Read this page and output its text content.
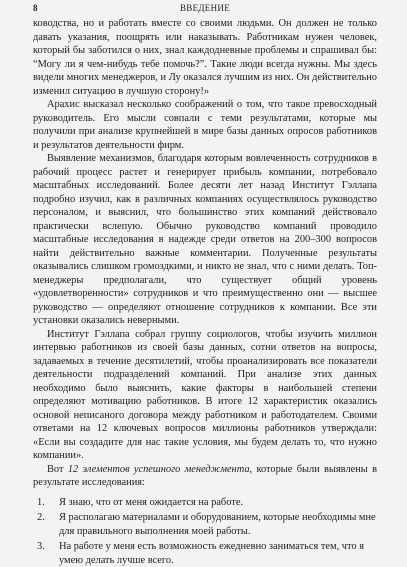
8	ВВЕДЕНИЕ

ководства, но и работать вместе со своими людьми. Он должен не только давать указания, поощрять или наказывать. Работникам нужен человек, который бы заботился о них, знал каждодневные проблемы и спрашивал бы: “Могу ли я чем-нибудь тебе помочь?”. Такие люди всегда нужны. Мы здесь видели многих менеджеров, и Лу оказался лучшим из них. Он действительно изменил ситуацию в лучшую сторону!»

Арахис высказал несколько соображений о том, что такое превосходный руководитель. Его мысли совпали с теми результатами, которые мы получили при анализе крупнейшей в мире базы данных опросов работников и результатов деятельности фирм.

Выявление механизмов, благодаря которым вовлеченность сотрудников в рабочий процесс растет и генерирует прибыль компании, потребовало масштабных исследований. Более десяти лет назад Институт Гэллапа подробно изучил, как в различных компаниях осуществлялось руководство персоналом, и выяснил, что большинство этих компаний действовало практически вслепую. Обычно руководство компаний проводило масштабные исследования в надежде среди ответов на 200–300 вопросов найти действительно важные комментарии. Полученные результаты оказывались слишком громоздкими, и никто не знал, что с ними делать. Топ-менеджеры предполагали, что существует общий уровень «удовлетворенности» сотрудников и что преимущественно они — высшее руководство — определяют отношение сотрудников к компании. Все эти установки оказались неверными.

Институт Гэллапа собрал группу социологов, чтобы изучить миллион интервью работников из своей базы данных, сотни ответов на вопросы, задаваемых в течение десятилетий, чтобы проанализировать все показатели деятельности подразделений компаний. При анализе этих данных необходимо было выяснить, какие факторы в наибольшей степени определяют мотивацию работников. В итоге 12 характеристик оказались основой неписаного договора между работником и работодателем. Своими ответами на 12 ключевых вопросов миллионы работников утверждали: «Если вы создадите для нас такие условия, мы будем делать то, что нужно компании».

Вот 12 элементов успешного менеджмента, которые были выявлены в результате исследования:

1.	Я знаю, что от меня ожидается на работе.
2.	Я располагаю материалами и оборудованием, которые необходимы мне для правильного выполнения моей работы.
3.	На работе у меня есть возможность ежедневно заниматься тем, что я умею делать лучше всего.
